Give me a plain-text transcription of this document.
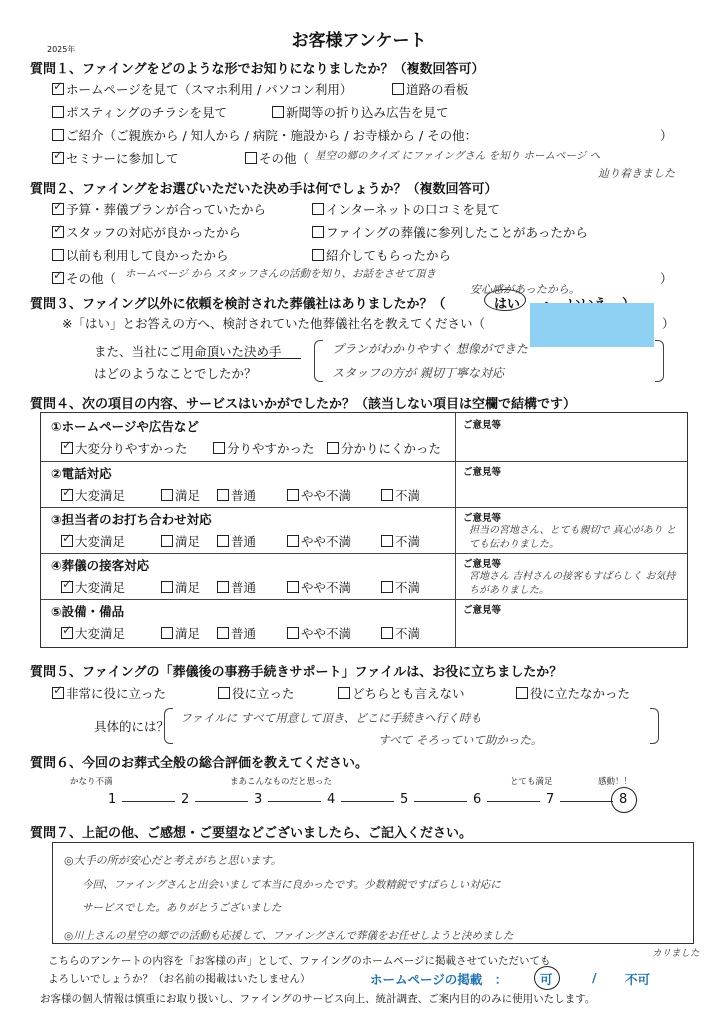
お客様アンケート
2025年
質問１、ファイングをどのような形でお知りになりましたか？（複数回答可）
✓ホームページを見て（スマホ利用 / パソコン利用）	道路の看板
ポスティングのチラシを見て	新聞等の折り込み広告を見て
ご紹介（ご親族から / 知人から / 病院・施設から / お寺様から / その他：	）
✓セミナーに参加して	その他（ 星空の郷のクイズ にファイングさん を知り ホームページ へ
辿り着きました
質問２、ファイングをお選びいただいた決め手は何でしょうか？（複数回答可）
✓予算・葬儀プランが合っていたから	インターネットの口コミを見て
✓スタッフの対応が良かったから	ファイングの葬儀に参列したことがあったから
以前も利用して良かったから	紹介してもらったから
✓その他（ ホームページ から スタッフさんの活動を知り、お話をさせて頂き
安心感があったから。
）
質問３、ファイング以外に依頼を検討された葬儀社はありましたか？（	はい
※「はい」とお答えの方へ、検討されていた他葬儀社名を教えてください（	）
また、当社にご用命頂いた決め手
はどのようなことでしたか？
プランがわかりやすく 想像ができた
スタッフの方が 親切丁寧な対応
質問４、次の項目の内容、サービスはいかがでしたか？（該当しない項目は空欄で結構です）
①ホームページや広告など
✓大変分りやすかった	分りやすかった	分かりにくかった
ご意見等
②電話対応
✓大変満足	満足	普通	やや不満	不満
ご意見等
③担当者のお打ち合わせ対応
✓大変満足	満足	普通	やや不満	不満
ご意見等
担当の宮地さん、とても親切で 真心があり とても伝わりました。
④葬儀の接客対応
✓大変満足	満足	普通	やや不満	不満
ご意見等
宮地さん 吉村さんの接客もすばらしく お気持ちがありました。
⑤設備・備品
✓大変満足	満足	普通	やや不満	不満
ご意見等
質問５、ファイングの「葬儀後の事務手続きサポート」ファイルは、お役に立ちましたか？
✓非常に役に立った	役に立った	どちらとも言えない	役に立たなかった
具体的には？
ファイルに すべて用意して頂き、どこに手続きへ行く時も
すべて そろっていて助かった。
質問６、今回のお葬式全般の総合評価を教えてください。
かなり不満	まあこんなものだと思った	とても満足	感動！！
1	2	3	4	5	6	7	8
質問７、上記の他、ご感想・ご要望などございましたら、ご記入ください。
◎大手の所が安心だと考えがちと思います。
今回、ファイングさんと出会いまして本当に良かったです。少数精鋭ですばらしい対応に
サービスでした。ありがとうございました
◎川上さんの星空の郷での活動も応援して、ファイングさんで葬儀をお任せしようと決めました
こちらのアンケートの内容を「お客様の声」として、ファイングのホームページに掲載させていただいても
カリました
よろしいでしょうか？（お名前の掲載はいたしません）	ホームページの掲載　：	可	/ 不可
お客様の個人情報は慎重にお取り扱いし、ファイングのサービス向上、統計調査、ご案内目的のみに使用いたします。
